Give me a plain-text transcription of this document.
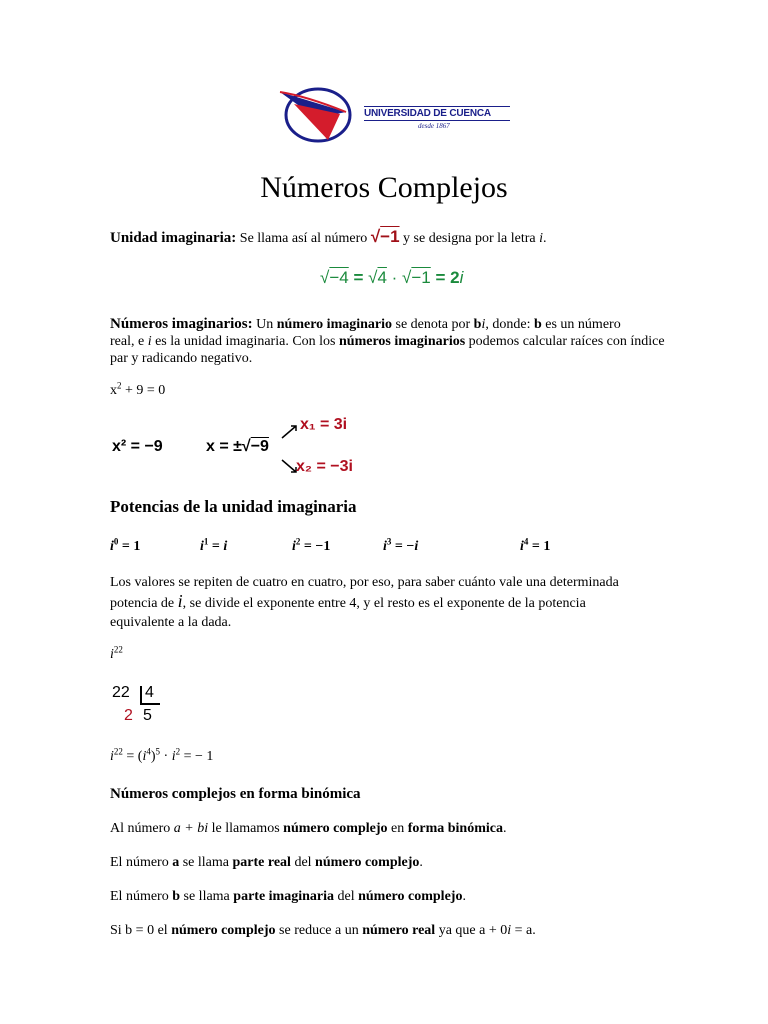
UNIVERSIDAD DE CUENCA
desde 1867
Números Complejos
Unidad imaginaria: Se llama así al número √−1 y se designa por la letra i.
√−4 = √4 · √−1 = 2i
Números imaginarios: Un número imaginario se denota por bi, donde: b es un número
real, e i es la unidad imaginaria. Con los números imaginarios podemos calcular raíces con índice
par y radicando negativo.
$x^2 + 9 = 0$
x² = −9	x = ±√−9
x₁ = 3i
x₂ = −3i
Potencias de la unidad imaginaria
$i^0 = 1$	$i^1 = i$	$i^2 = -1$	$i^3 = -i$	$i^4 = 1$
Los valores se repiten de cuatro en cuatro, por eso, para saber cuánto vale una determinada
potencia de i, se divide el exponente entre 4, y el resto es el exponente de la potencia
equivalente a la dada.
$i^{22}$
22 4
2 5
$i^{22} = (i^4)^5 \cdot i^2$ = − 1
Números complejos en forma binómica
Al número a + bi le llamamos número complejo en forma binómica.
El número a se llama parte real del número complejo.
El número b se llama parte imaginaria del número complejo.
Si b = 0 el número complejo se reduce a un número real ya que a + 0i = a.
